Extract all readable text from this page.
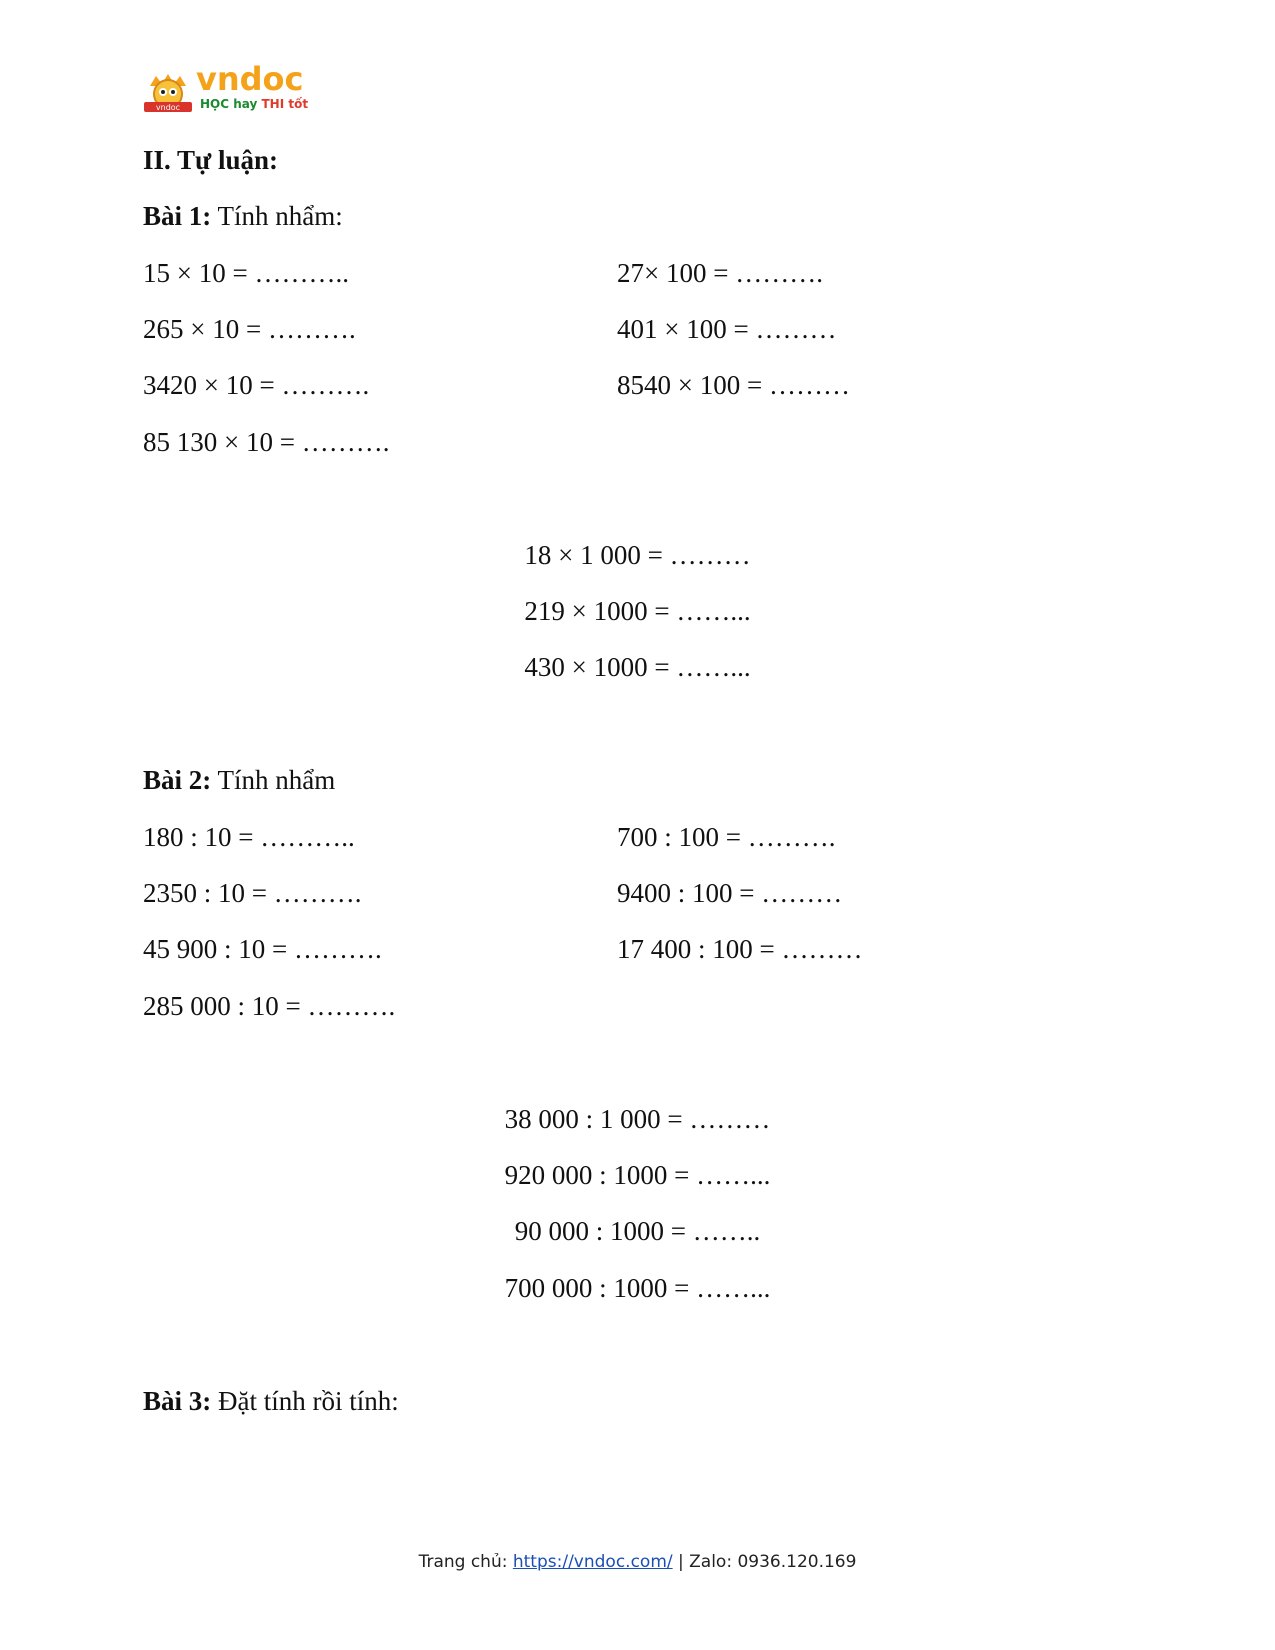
vndoc
vndoc
HỌC hay THI tốt
II. Tự luận:
Bài 1: Tính nhẩm:
15 × 10 = ………..
265 × 10 = ……….
3420 × 10 = ……….
85 130 × 10 = ……….
27× 100 = ……….
401 × 100 = ………
8540 × 100 = ………
18 × 1 000 = ………
219 × 1000 = ……...
430 × 1000 = ……...
Bài 2: Tính nhẩm
180 : 10 = ………..
2350 : 10 = ……….
45 900 : 10 = ……….
285 000 : 10 = ……….
700 : 100 = ……….
9400 : 100 = ………
17 400 : 100 = ………
38 000 : 1 000 = ………
920 000 : 1000 = ……...
90 000 : 1000 = ……..
700 000 : 1000 = ……...
Bài 3: Đặt tính rồi tính:
Trang chủ: https://vndoc.com/ | Zalo: 0936.120.169
